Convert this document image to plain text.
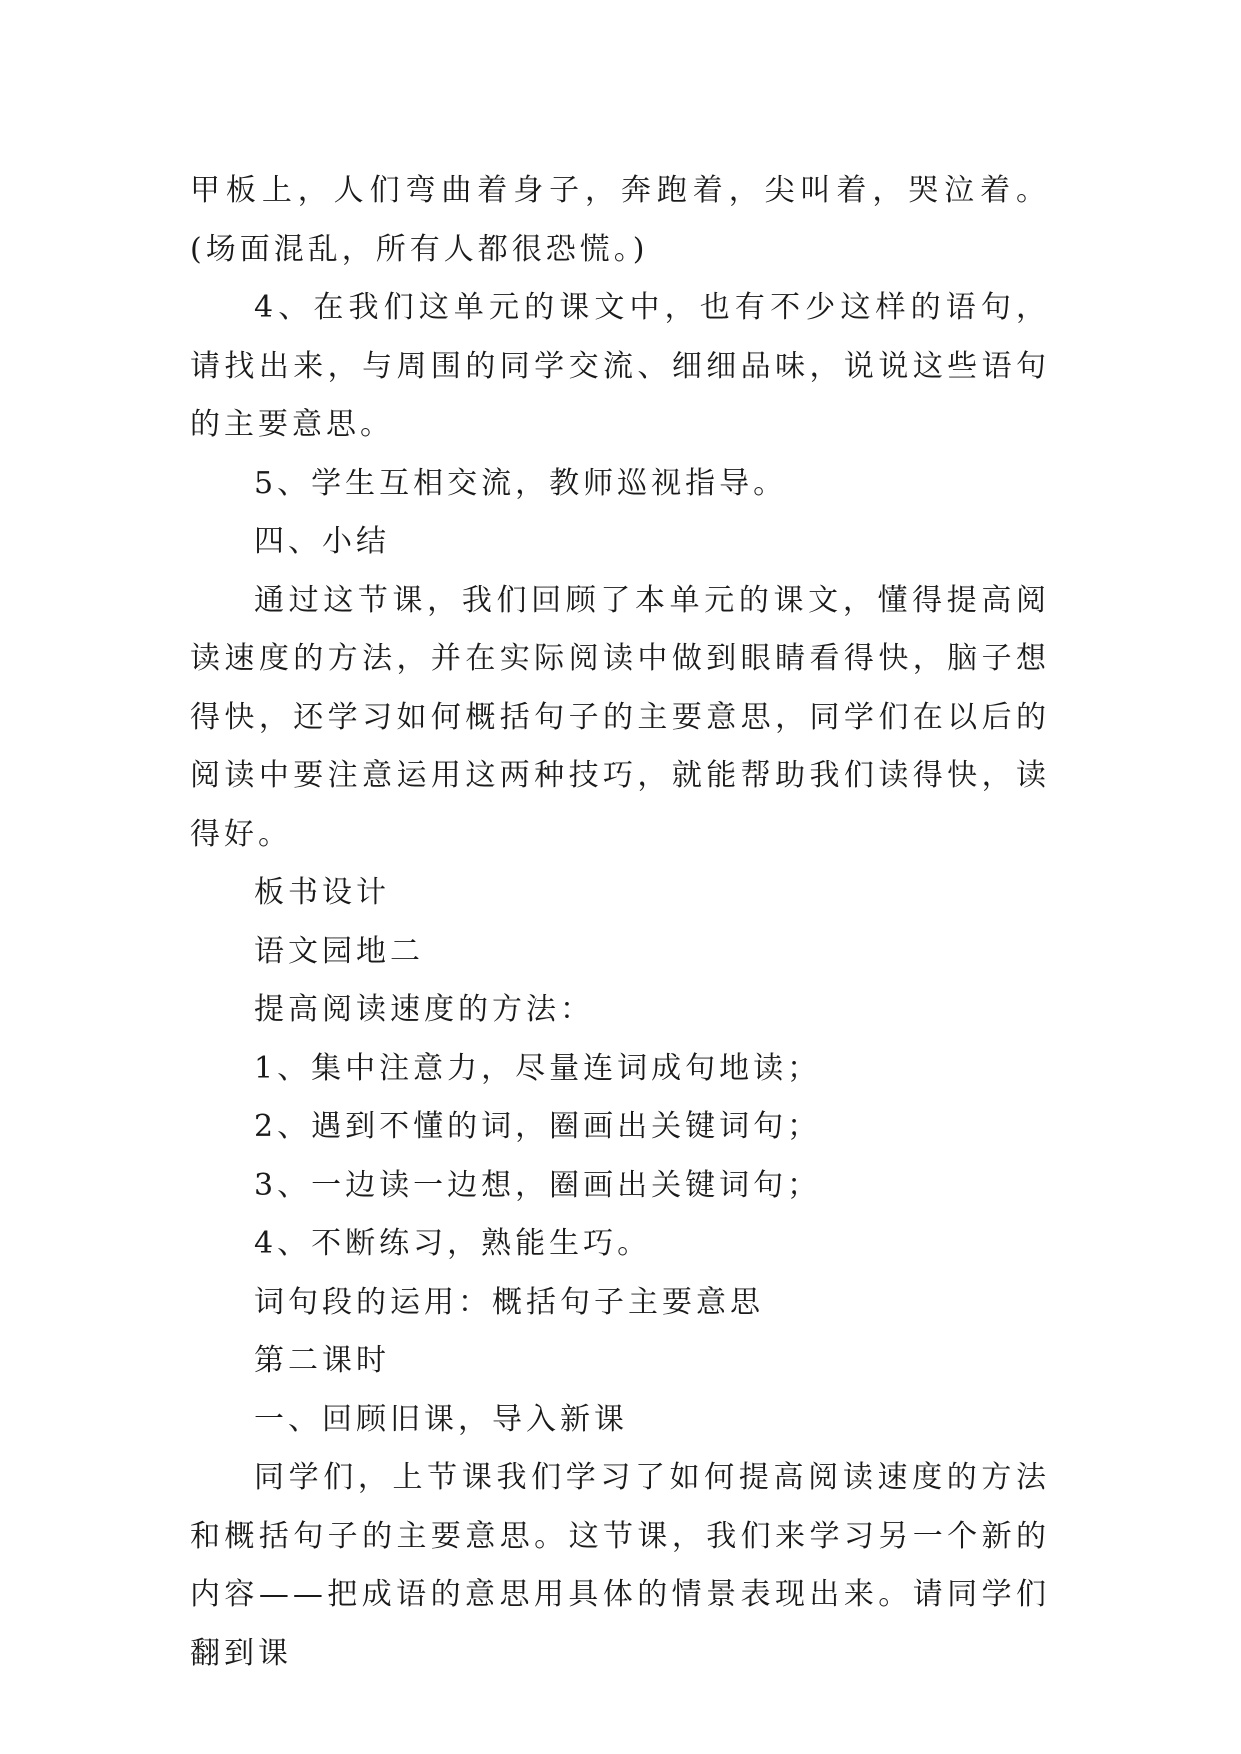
甲板上，人们弯曲着身子，奔跑着，尖叫着，哭泣着。(场面混乱，所有人都很恐慌。)

4、在我们这单元的课文中，也有不少这样的语句，请找出来，与周围的同学交流、细细品味，说说这些语句的主要意思。

5、学生互相交流，教师巡视指导。

四、小结

通过这节课，我们回顾了本单元的课文，懂得提高阅读速度的方法，并在实际阅读中做到眼睛看得快，脑子想得快，还学习如何概括句子的主要意思，同学们在以后的阅读中要注意运用这两种技巧，就能帮助我们读得快，读得好。

板书设计

语文园地二

提高阅读速度的方法：

1、集中注意力，尽量连词成句地读；

2、遇到不懂的词，圈画出关键词句；

3、一边读一边想，圈画出关键词句；

4、不断练习，熟能生巧。

词句段的运用：概括句子主要意思

第二课时

一、回顾旧课，导入新课

同学们，上节课我们学习了如何提高阅读速度的方法和概括句子的主要意思。这节课，我们来学习另一个新的内容——把成语的意思用具体的情景表现出来。请同学们翻到课
